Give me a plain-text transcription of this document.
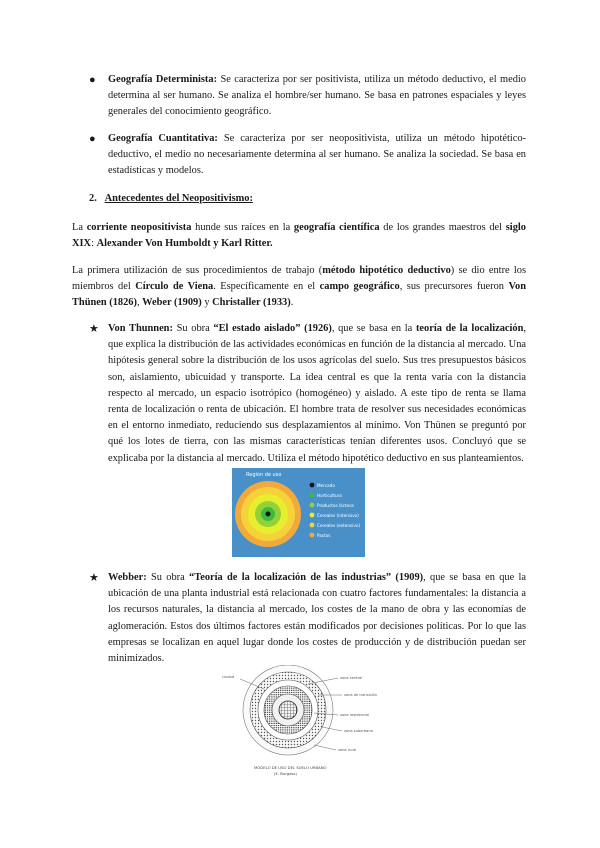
● Geografía Determinista: Se caracteriza por ser positivista, utiliza un método deductivo, el medio determina al ser humano. Se analiza el hombre/ser humano. Se basa en patrones espaciales y leyes generales del conocimiento geográfico.
● Geografía Cuantitativa: Se caracteriza por ser neopositivista, utiliza un método hipotético-deductivo, el medio no necesariamente determina al ser humano. Se analiza la sociedad. Se basa en estadísticas y modelos.
2. Antecedentes del Neopositivismo:
La corriente neopositivista hunde sus raíces en la geografía científica de los grandes maestros del siglo XIX: Alexander Von Humboldt y Karl Ritter.
La primera utilización de sus procedimientos de trabajo (método hipotético deductivo) se dio entre los miembros del Círculo de Viena. Específicamente en el campo geográfico, sus precursores fueron Von Thünen (1826), Weber (1909) y Christaller (1933).
★ Von Thunnen: Su obra “El estado aislado” (1926), que se basa en la teoría de la localización, que explica la distribución de las actividades económicas en función de la distancia al mercado. Una hipótesis general sobre la distribución de los usos agrícolas del suelo. Sus tres presupuestos básicos son, aislamiento, ubicuidad y transporte. La idea central es que la renta varía con la distancia respecto al mercado, un espacio isotrópico (homogéneo) y aislado. A este tipo de renta se llama renta de localización o renta de ubicación. El hombre trata de resolver sus necesidades económicas en el entorno inmediato, reduciendo sus desplazamientos al mínimo. Von Thünen se preguntó por qué los lotes de tierra, con las mismas características tenían diferentes usos. Concluyó que se explicaba por la distancia al mercado. Utiliza el método hipotético deductivo en sus planteamientos.
Región de uso
Mercado
Horticultura
Productos lácteos
Cereales (intensivo)
Cereales (extensivo)
Pastos
★ Webber: Su obra “Teoría de la localización de las industrias” (1909), que se basa en que la ubicación de una planta industrial está relacionada con cuatro factores fundamentales: la distancia a los recursos naturales, la distancia al mercado, los costes de la mano de obra y las economías de aglomeración. Estos dos últimos factores están modificados por decisiones políticas. Por lo que las empresas se localizan en aquel lugar donde los costes de producción y de distribución puedan ser minimizados.
ciudad	zona central
zona de transición
zona residencial
zona suburbana
zona rural
MODELO DE USO DEL SUELO URBANO
(E. Burgess)
